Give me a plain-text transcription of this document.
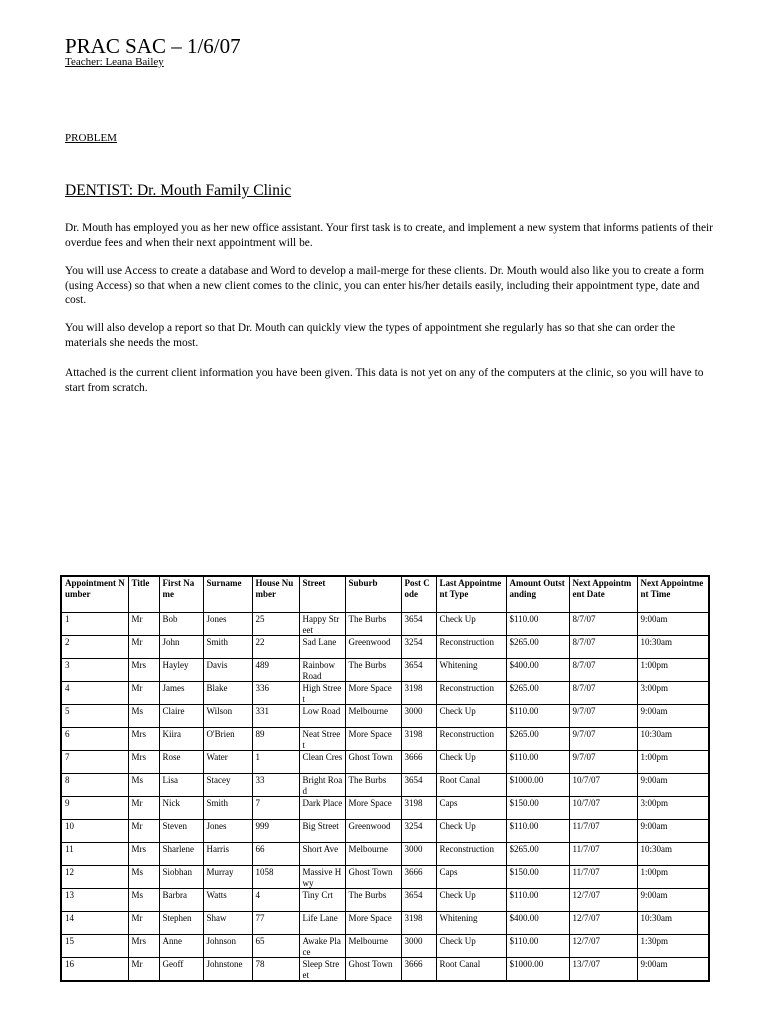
PRAC SAC – 1/6/07
Teacher: Leana Bailey
PROBLEM
DENTIST: Dr. Mouth Family Clinic

Dr. Mouth has employed you as her new office assistant. Your first task is to create, and implement a new system that informs patients of their overdue fees and when their next appointment will be.

You will use Access to create a database and Word to develop a mail-merge for these clients. Dr. Mouth would also like you to create a form (using Access) so that when a new client comes to the clinic, you can enter his/her details easily, including their appointment type, date and cost.

You will also develop a report so that Dr. Mouth can quickly view the types of appointment she regularly has so that she can order the materials she needs the most.

Attached is the current client information you have been given. This data is not yet on any of the computers at the clinic, so you will have to start from scratch.

Appointment Number	Title	First Name	Surname	House Number	Street	Suburb	Post Code	Last Appointment Type	Amount Outstanding	Next Appointment Date	Next Appointment Time
1	Mr	Bob	Jones	25	Happy Street	The Burbs	3654	Check Up	$110.00	8/7/07	9:00am
2	Mr	John	Smith	22	Sad Lane	Greenwood	3254	Reconstruction	$265.00	8/7/07	10:30am
3	Mrs	Hayley	Davis	489	Rainbow Road	The Burbs	3654	Whitening	$400.00	8/7/07	1:00pm
4	Mr	James	Blake	336	High Street	More Space	3198	Reconstruction	$265.00	8/7/07	3:00pm
5	Ms	Claire	Wilson	331	Low Road	Melbourne	3000	Check Up	$110.00	9/7/07	9:00am
6	Mrs	Kiira	O'Brien	89	Neat Street	More Space	3198	Reconstruction	$265.00	9/7/07	10:30am
7	Mrs	Rose	Water	1	Clean Cres	Ghost Town	3666	Check Up	$110.00	9/7/07	1:00pm
8	Ms	Lisa	Stacey	33	Bright Road	The Burbs	3654	Root Canal	$1000.00	10/7/07	9:00am
9	Mr	Nick	Smith	7	Dark Place	More Space	3198	Caps	$150.00	10/7/07	3:00pm
10	Mr	Steven	Jones	999	Big Street	Greenwood	3254	Check Up	$110.00	11/7/07	9:00am
11	Mrs	Sharlene	Harris	66	Short Ave	Melbourne	3000	Reconstruction	$265.00	11/7/07	10:30am
12	Ms	Siobhan	Murray	1058	Massive Hwy	Ghost Town	3666	Caps	$150.00	11/7/07	1:00pm
13	Ms	Barbra	Watts	4	Tiny Crt	The Burbs	3654	Check Up	$110.00	12/7/07	9:00am
14	Mr	Stephen	Shaw	77	Life Lane	More Space	3198	Whitening	$400.00	12/7/07	10:30am
15	Mrs	Anne	Johnson	65	Awake Place	Melbourne	3000	Check Up	$110.00	12/7/07	1:30pm
16	Mr	Geoff	Johnstone	78	Sleep Street	Ghost Town	3666	Root Canal	$1000.00	13/7/07	9:00am
